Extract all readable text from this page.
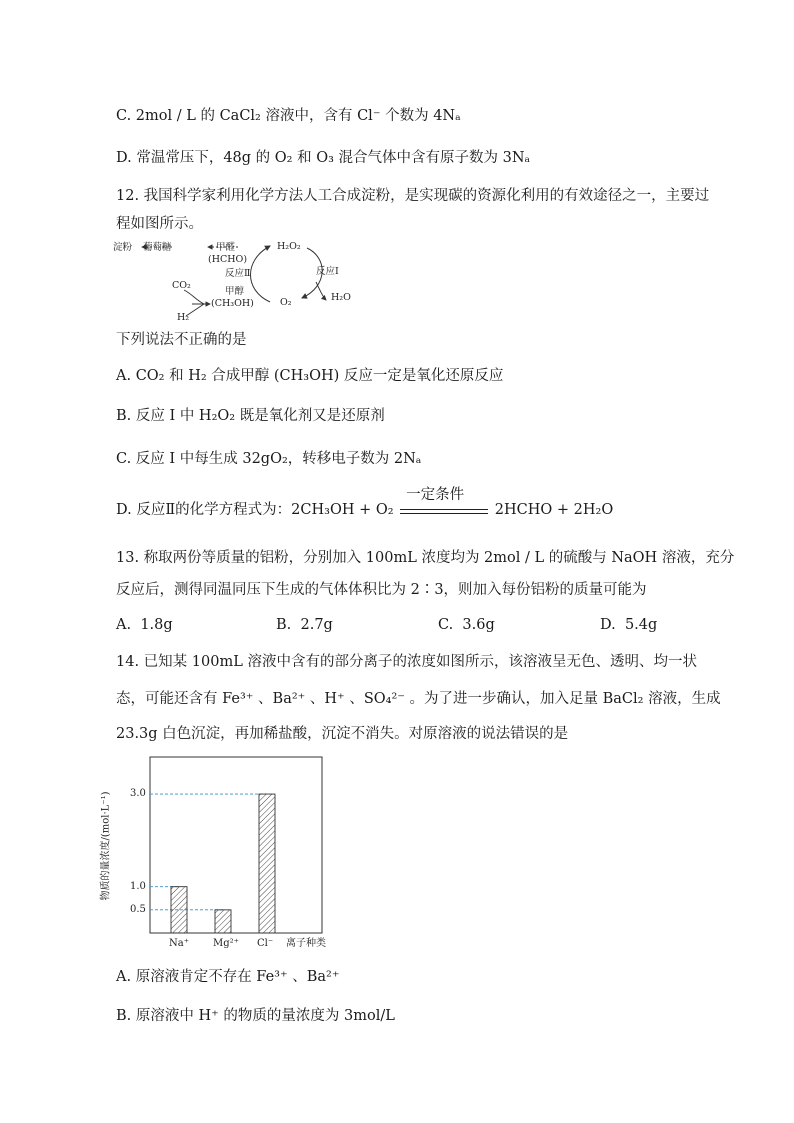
C. 2mol / L 的 CaCl₂ 溶液中，含有 Cl⁻ 个数为 4Nₐ
D. 常温常压下，48g 的 O₂ 和 O₃ 混合气体中含有原子数为 3Nₐ
12. 我国科学家利用化学方法人工合成淀粉，是实现碳的资源化利用的有效途径之一，主要过
程如图所示。
淀粉 葡萄糖	甲醛
(HCHO)
反应Ⅱ
H₂O₂
反应Ⅰ
CO₂
甲醇
(CH₃OH)	O₂	H₂O
H₂
下列说法不正确的是
A. CO₂ 和 H₂ 合成甲醇 (CH₃OH) 反应一定是氧化还原反应
B. 反应 I 中 H₂O₂ 既是氧化剂又是还原剂
C. 反应 I 中每生成 32gO₂，转移电子数为 2Nₐ
D. 反应Ⅱ的化学方程式为：2CH₃OH + O₂
一定条件
2HCHO + 2H₂O
13. 称取两份等质量的铝粉，分别加入 100mL 浓度均为 2mol / L 的硫酸与 NaOH 溶液，充分
反应后，测得同温同压下生成的气体体积比为 2∶3，则加入每份铝粉的质量可能为
A. 1.8g	B. 2.7g	C. 3.6g	D. 5.4g
14. 已知某 100mL 溶液中含有的部分离子的浓度如图所示，该溶液呈无色、透明、均一状
态，可能还含有 Fe³⁺ 、Ba²⁺ 、H⁺ 、SO₄²⁻ 。为了进一步确认，加入足量 BaCl₂ 溶液，生成
23.3g 白色沉淀，再加稀盐酸，沉淀不消失。对原溶液的说法错误的是
Na⁺ Mg²⁺ Cl⁻
0.5
1.0
3.0
离子种类
物质的量浓度/(mol·L⁻¹)
A. 原溶液肯定不存在 Fe³⁺ 、Ba²⁺
B. 原溶液中 H⁺ 的物质的量浓度为 3mol/L
